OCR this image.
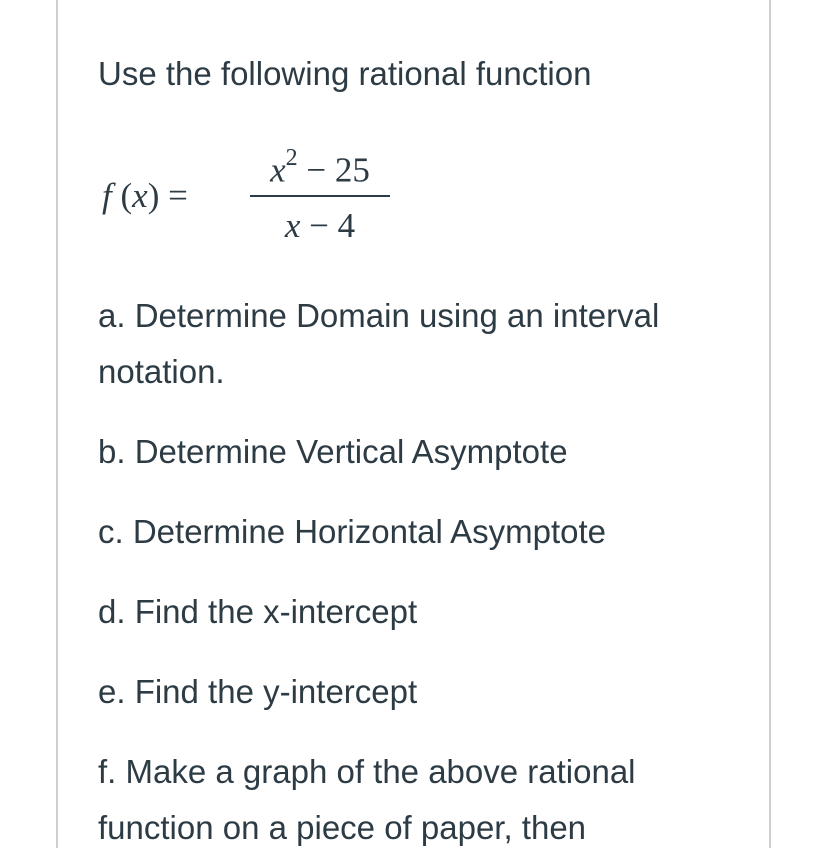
Use the following rational function
f (x) =
$x^2 - 25$
x − 4

a. Determine Domain using an interval notation.

b. Determine Vertical Asymptote

c. Determine Horizontal Asymptote

d. Find the x-intercept

e. Find the y-intercept

f. Make a graph of the above rational function on a piece of paper, then
